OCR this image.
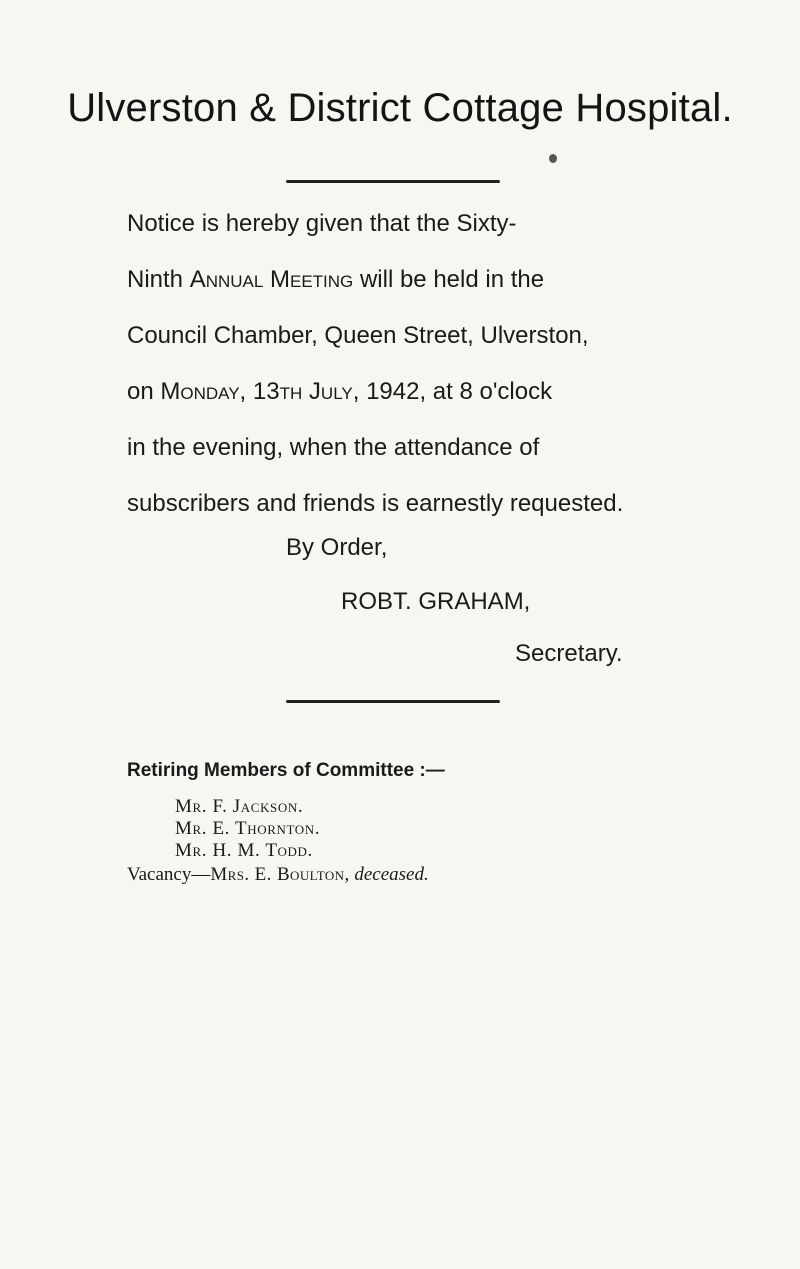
Ulverston & District Cottage Hospital.
Notice is hereby given that the Sixty-
Ninth
Annual Meeting
will be held in the
Council Chamber, Queen Street, Ulverston,
on
Monday, 13th July,
1942, at 8 o'clock
in the evening, when the attendance of
subscribers and friends is earnestly requested.
By Order,
ROBT. GRAHAM,
Secretary.
Retiring Members of Committee :—
Mr. F. Jackson.
Mr. E. Thornton.
Mr. H. M. Todd.
Vacancy—Mrs. E. Boulton, deceased.
